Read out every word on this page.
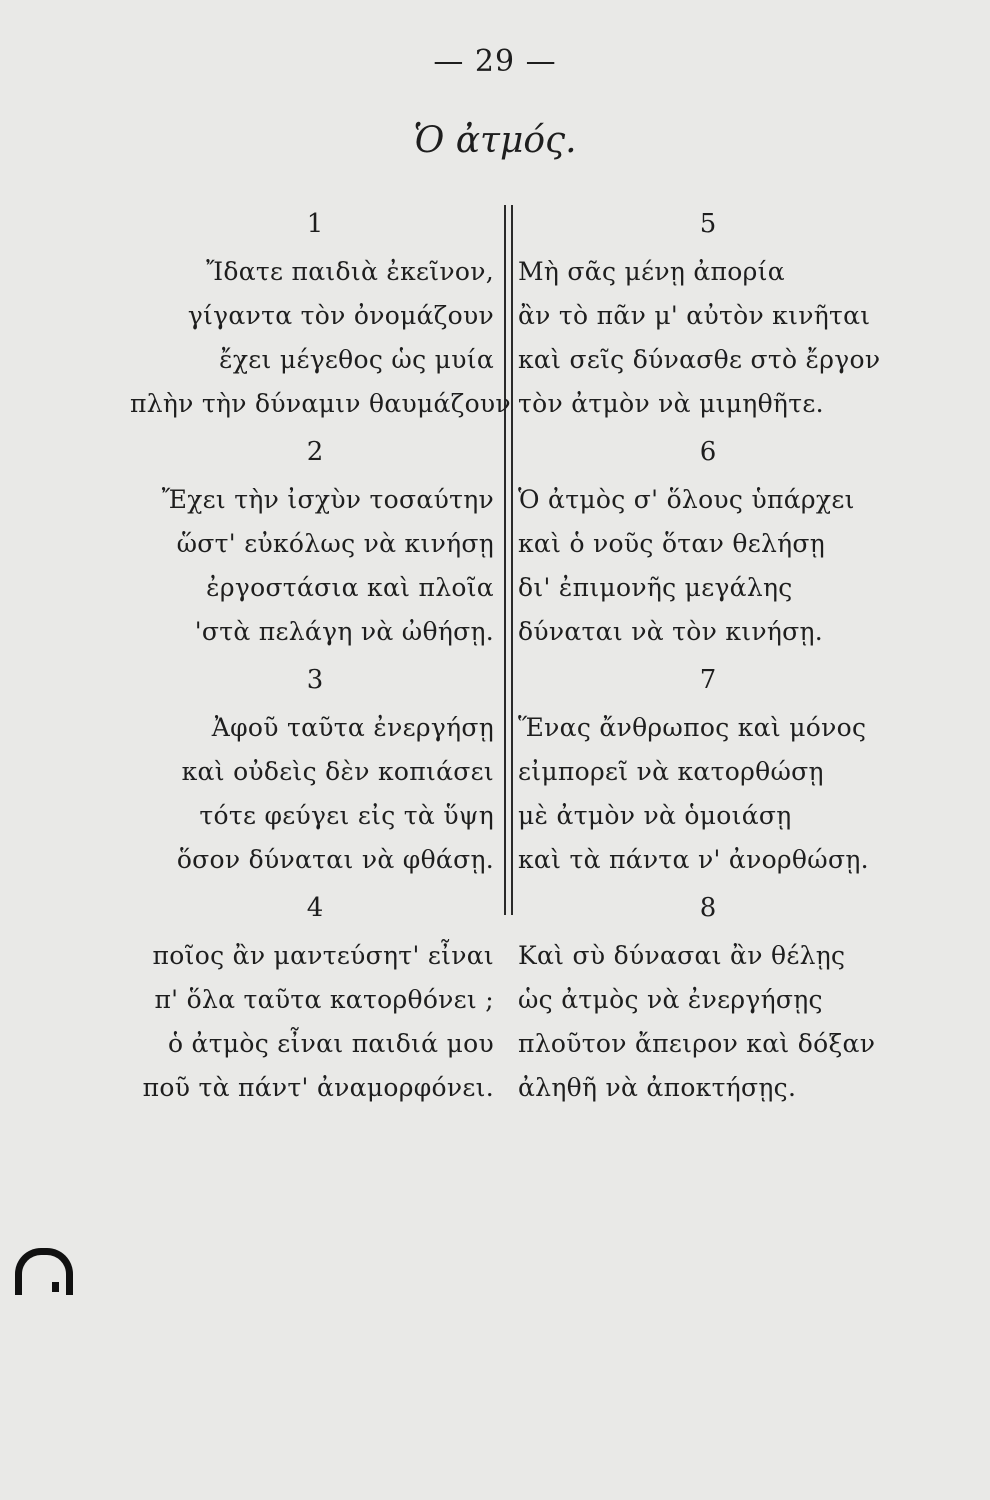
— 29 —
Ὁ ἀτμός.
1
Ἴδατε παιδιὰ ἐκεῖνον,
γίγαντα τὸν ὀνομάζουν
ἔχει μέγεθος ὡς μυία
πλὴν τὴν δύναμιν θαυμάζουν
2
Ἔχει τὴν ἰσχὺν τοσαύτην
ὥστ' εὐκόλως νὰ κινήσῃ
ἐργοστάσια καὶ πλοῖα
'στὰ πελάγη νὰ ὠθήσῃ.
3
Ἀφοῦ ταῦτα ἐνεργήσῃ
καὶ οὐδεὶς δὲν κοπιάσει
τότε φεύγει εἰς τὰ ὕψη
ὅσον δύναται νὰ φθάσῃ.
4
ποῖος ἂν μαντεύσητ' εἶναι
π' ὅλα ταῦτα κατορθόνει ;
ὁ ἀτμὸς εἶναι παιδιά μου
ποῦ τὰ πάντ' ἀναμορφόνει.
5
Μὴ σᾶς μένῃ ἀπορία
ἂν τὸ πᾶν μ' αὐτὸν κινῆται
καὶ σεῖς δύνασθε στὸ ἔργον
τὸν ἀτμὸν νὰ μιμηθῆτε.
6
Ὁ ἀτμὸς σ' ὅλους ὑπάρχει
καὶ ὁ νοῦς ὅταν θελήσῃ
δι' ἐπιμονῆς μεγάλης
δύναται νὰ τὸν κινήσῃ.
7
Ἕνας ἄνθρωπος καὶ μόνος
εἰμπορεῖ νὰ κατορθώσῃ
μὲ ἀτμὸν νὰ ὁμοιάσῃ
καὶ τὰ πάντα ν' ἀνορθώσῃ.
8
Καὶ σὺ δύνασαι ἂν θέλῃς
ὡς ἀτμὸς νὰ ἐνεργήσῃς
πλοῦτον ἄπειρον καὶ δόξαν
ἀληθῆ νὰ ἀποκτήσῃς.
